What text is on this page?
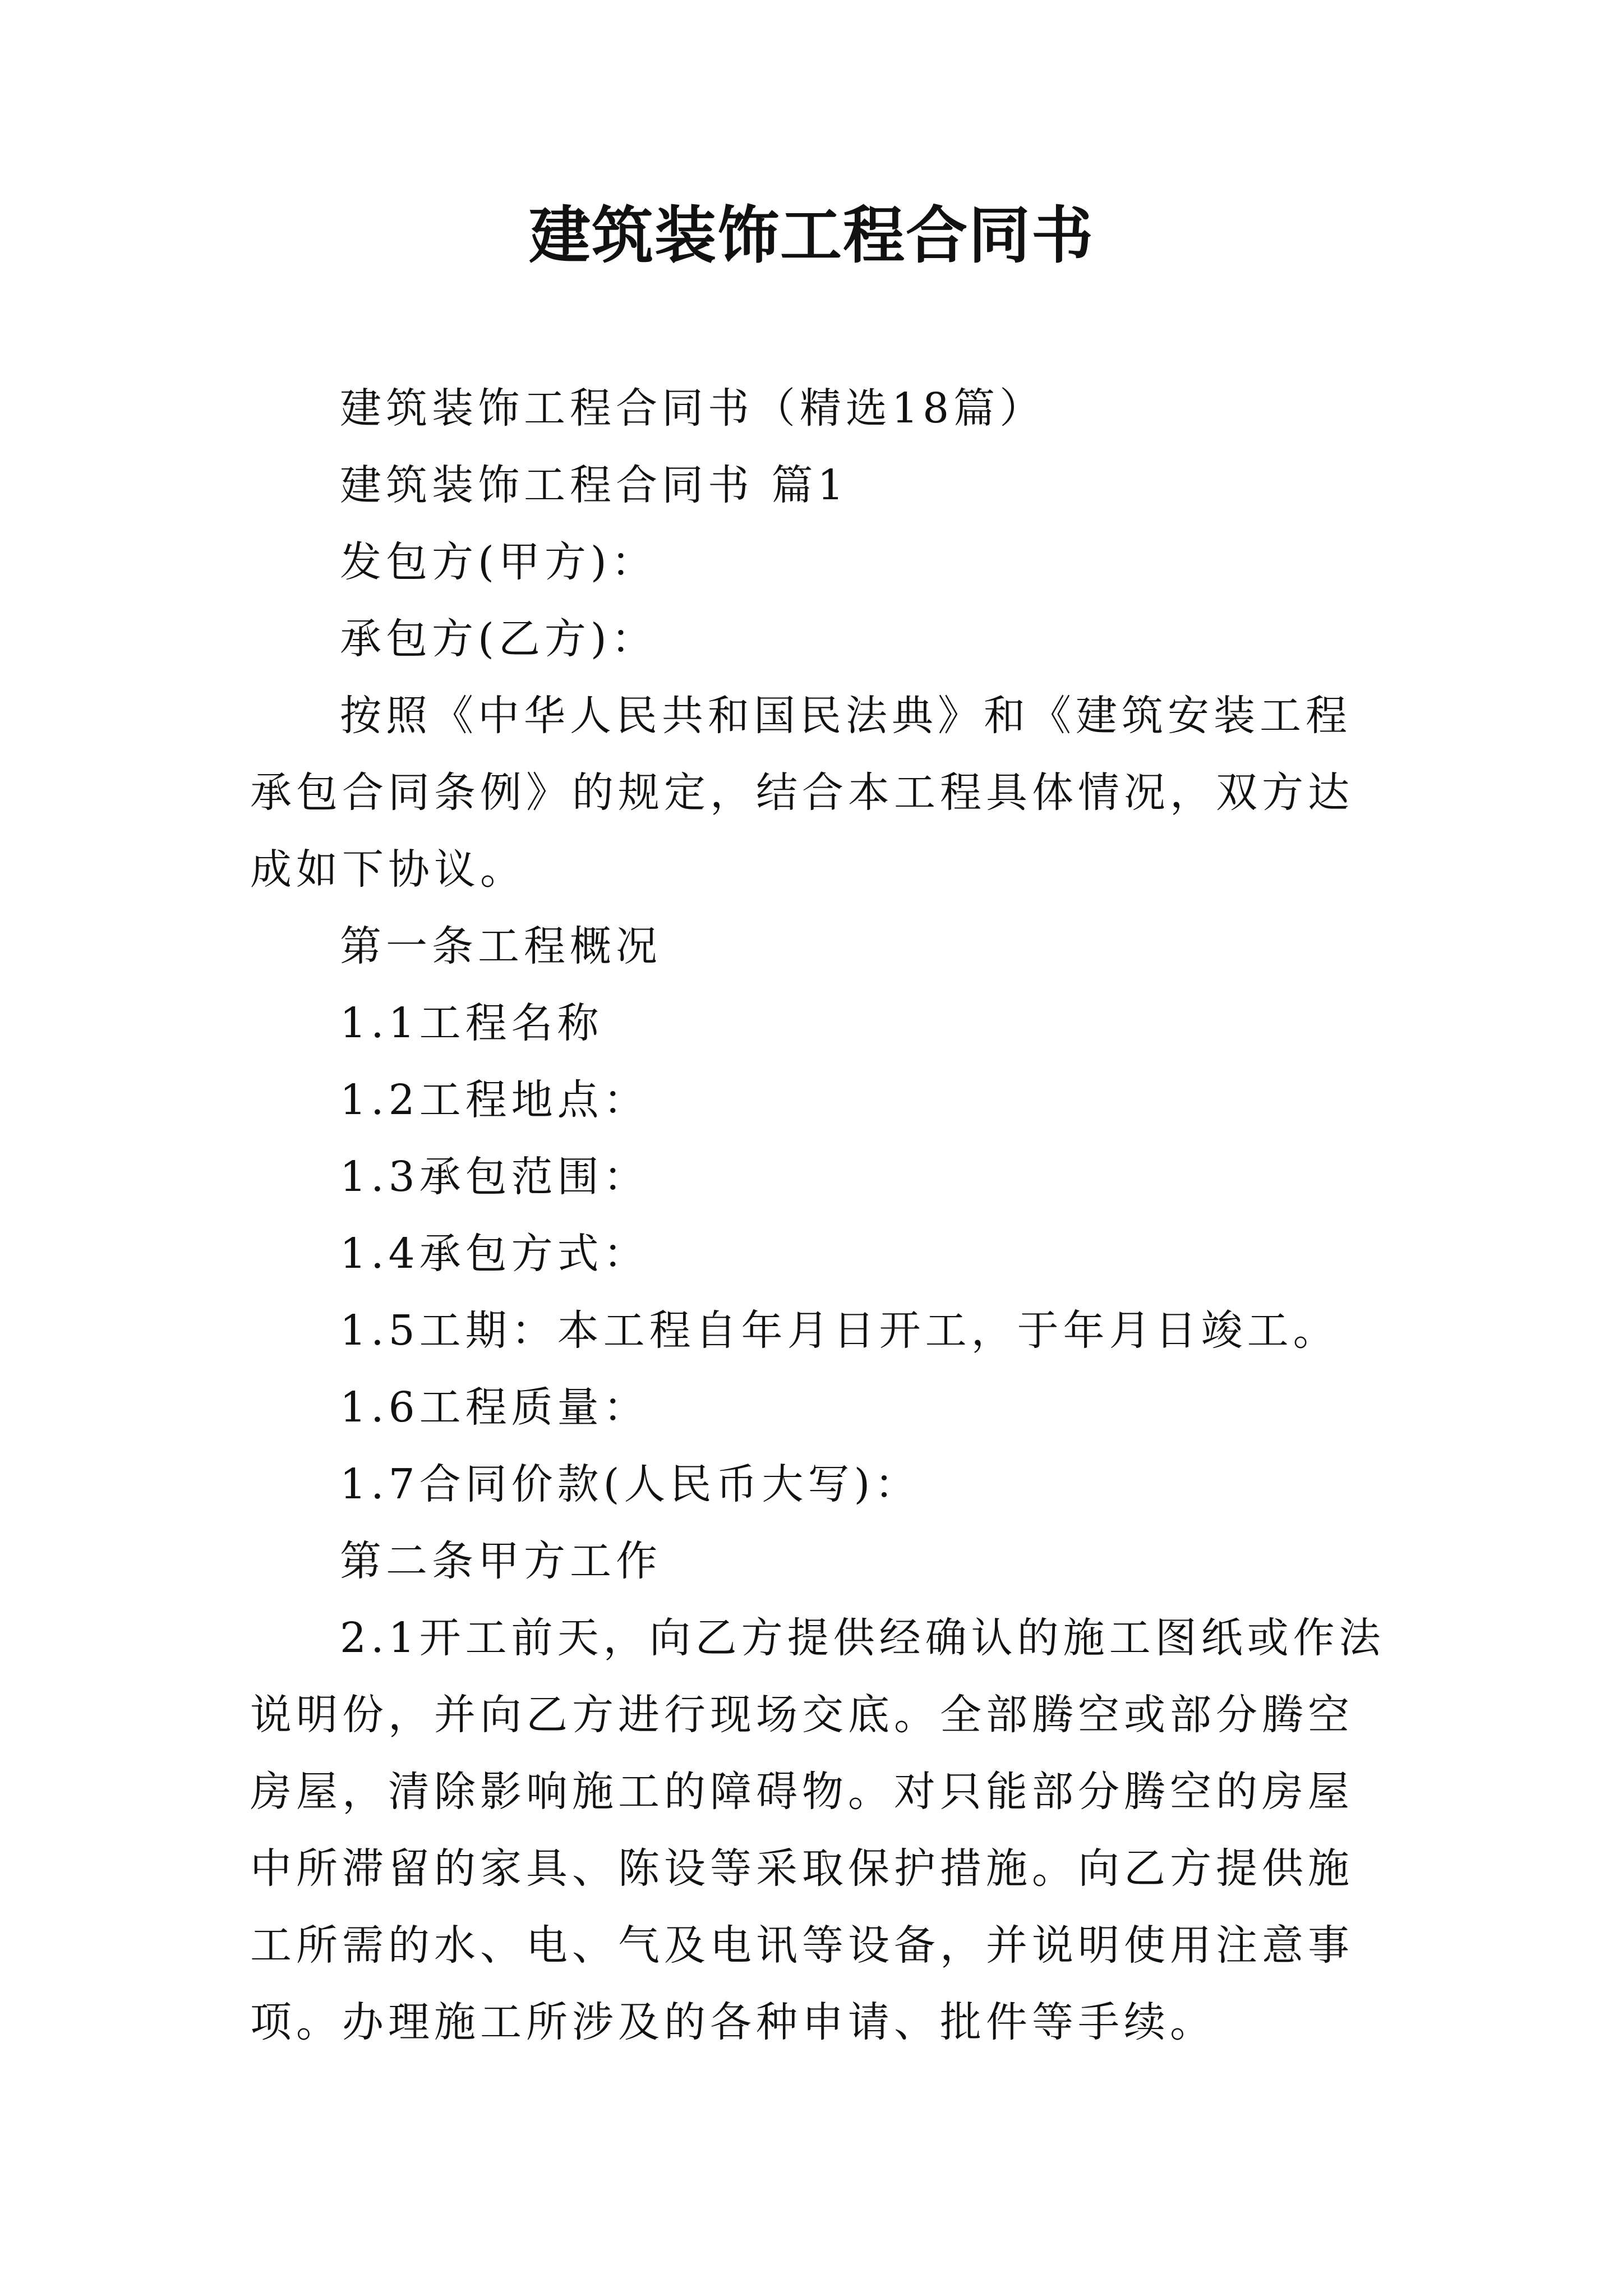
建筑装饰工程合同书

建筑装饰工程合同书（精选18篇）

建筑装饰工程合同书 篇1

发包方(甲方)：

承包方(乙方)：

按照《中华人民共和国民法典》和《建筑安装工程承包合同条例》的规定，结合本工程具体情况，双方达成如下协议。

第一条工程概况

1.1工程名称

1.2工程地点：

1.3承包范围：

1.4承包方式：

1.5工期：本工程自年月日开工，于年月日竣工。

1.6工程质量：

1.7合同价款(人民币大写)：

第二条甲方工作

2.1开工前天，向乙方提供经确认的施工图纸或作法说明份，并向乙方进行现场交底。全部腾空或部分腾空房屋，清除影响施工的障碍物。对只能部分腾空的房屋中所滞留的家具、陈设等采取保护措施。向乙方提供施工所需的水、电、气及电讯等设备，并说明使用注意事项。办理施工所涉及的各种申请、批件等手续。
